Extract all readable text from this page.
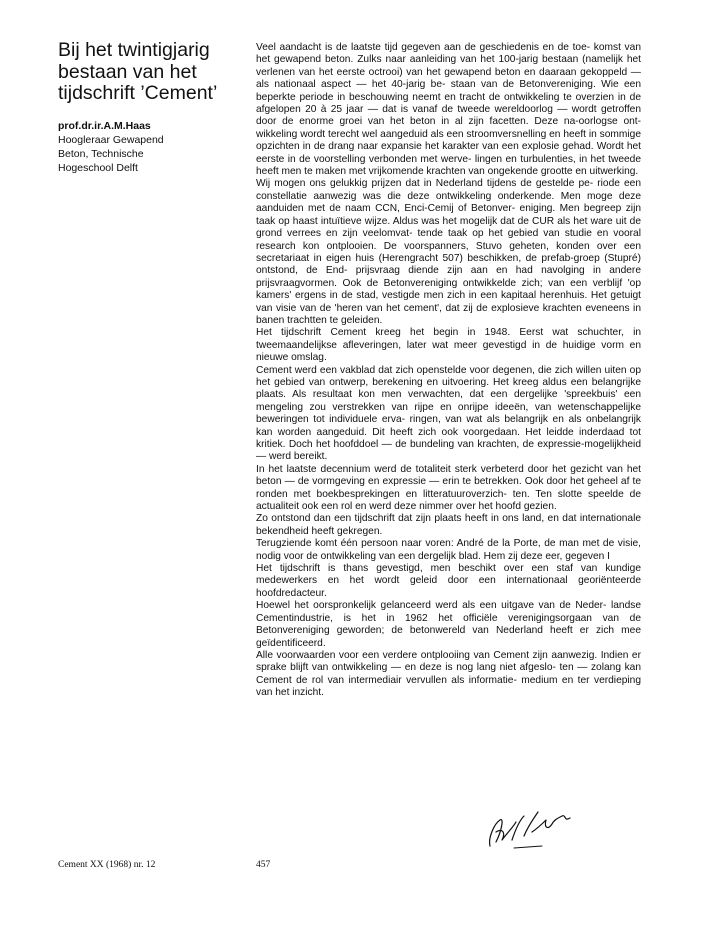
Bij het twintigjarig bestaan van het tijdschrift ’Cement’
prof.dr.ir.A.M.Haas
Hoogleraar Gewapend
Beton, Technische
Hogeschool Delft

Veel aandacht is de laatste tijd gegeven aan de geschiedenis en de toe- komst van het gewapend beton. Zulks naar aanleiding van het 100-jarig bestaan (namelijk het verlenen van het eerste octrooi) van het gewapend beton en daaraan gekoppeld — als nationaal aspect — het 40-jarig be- staan van de Betonvereniging. Wie een beperkte periode in beschouwing neemt en tracht de ontwikkeling te overzien in de afgelopen 20 à 25 jaar — dat is vanaf de tweede wereldoorlog — wordt getroffen door de enorme groei van het beton in al zijn facetten. Deze na-oorlogse ont- wikkeling wordt terecht wel aangeduid als een stroomversnelling en heeft in sommige opzichten in de drang naar expansie het karakter van een explosie gehad. Wordt het eerste in de voorstelling verbonden met werve- lingen en turbulenties, in het tweede heeft men te maken met vrijkomende krachten van ongekende grootte en uitwerking.

Wij mogen ons gelukkig prijzen dat in Nederland tijdens de gestelde pe- riode een constellatie aanwezig was die deze ontwikkeling onderkende. Men moge deze aanduiden met de naam CCN, Enci-Cemij of Betonver- eniging. Men begreep zijn taak op haast intuïtieve wijze. Aldus was het mogelijk dat de CUR als het ware uit de grond verrees en zijn veelomvat- tende taak op het gebied van studie en vooral research kon ontplooien. De voorspanners, Stuvo geheten, konden over een secretariaat in eigen huis (Herengracht 507) beschikken, de prefab-groep (Stupré) ontstond, de End- prijsvraag diende zijn aan en had navolging in andere prijsvraagvormen. Ook de Betonvereniging ontwikkelde zich; van een verblijf 'op kamers' ergens in de stad, vestigde men zich in een kapitaal herenhuis. Het getuigt van visie van de 'heren van het cement', dat zij de explosieve krachten eveneens in banen trachtten te geleiden.

Het tijdschrift Cement kreeg het begin in 1948. Eerst wat schuchter, in tweemaandelijkse afleveringen, later wat meer gevestigd in de huidige vorm en nieuwe omslag.

Cement werd een vakblad dat zich openstelde voor degenen, die zich willen uiten op het gebied van ontwerp, berekening en uitvoering. Het kreeg aldus een belangrijke plaats. Als resultaat kon men verwachten, dat een dergelijke 'spreekbuis' een mengeling zou verstrekken van rijpe en onrijpe ideeën, van wetenschappelijke beweringen tot individuele erva- ringen, van wat als belangrijk en als onbelangrijk kan worden aangeduid. Dit heeft zich ook voorgedaan. Het leidde inderdaad tot kritiek. Doch het hoofddoel — de bundeling van krachten, de expressie-mogelijkheid — werd bereikt.

In het laatste decennium werd de totaliteit sterk verbeterd door het gezicht van het beton — de vormgeving en expressie — erin te betrekken. Ook door het geheel af te ronden met boekbesprekingen en litteratuuroverzich- ten. Ten slotte speelde de actualiteit ook een rol en werd deze nimmer over het hoofd gezien.

Zo ontstond dan een tijdschrift dat zijn plaats heeft in ons land, en dat internationale bekendheid heeft gekregen.

Terugziende komt één persoon naar voren: André de la Porte, de man met de visie, nodig voor de ontwikkeling van een dergelijk blad. Hem zij deze eer, gegeven I

Het tijdschrift is thans gevestigd, men beschikt over een staf van kundige medewerkers en het wordt geleid door een internationaal georiënteerde hoofdredacteur.

Hoewel het oorspronkelijk gelanceerd werd als een uitgave van de Neder- landse Cementindustrie, is het in 1962 het officiële verenigingsorgaan van de Betonvereniging geworden; de betonwereld van Nederland heeft er zich mee geïdentificeerd.

Alle voorwaarden voor een verdere ontplooiing van Cement zijn aanwezig. Indien er sprake blijft van ontwikkeling — en deze is nog lang niet afgeslo- ten — zolang kan Cement de rol van intermediair vervullen als informatie- medium en ter verdieping van het inzicht.

Cement XX (1968) nr. 12	457
